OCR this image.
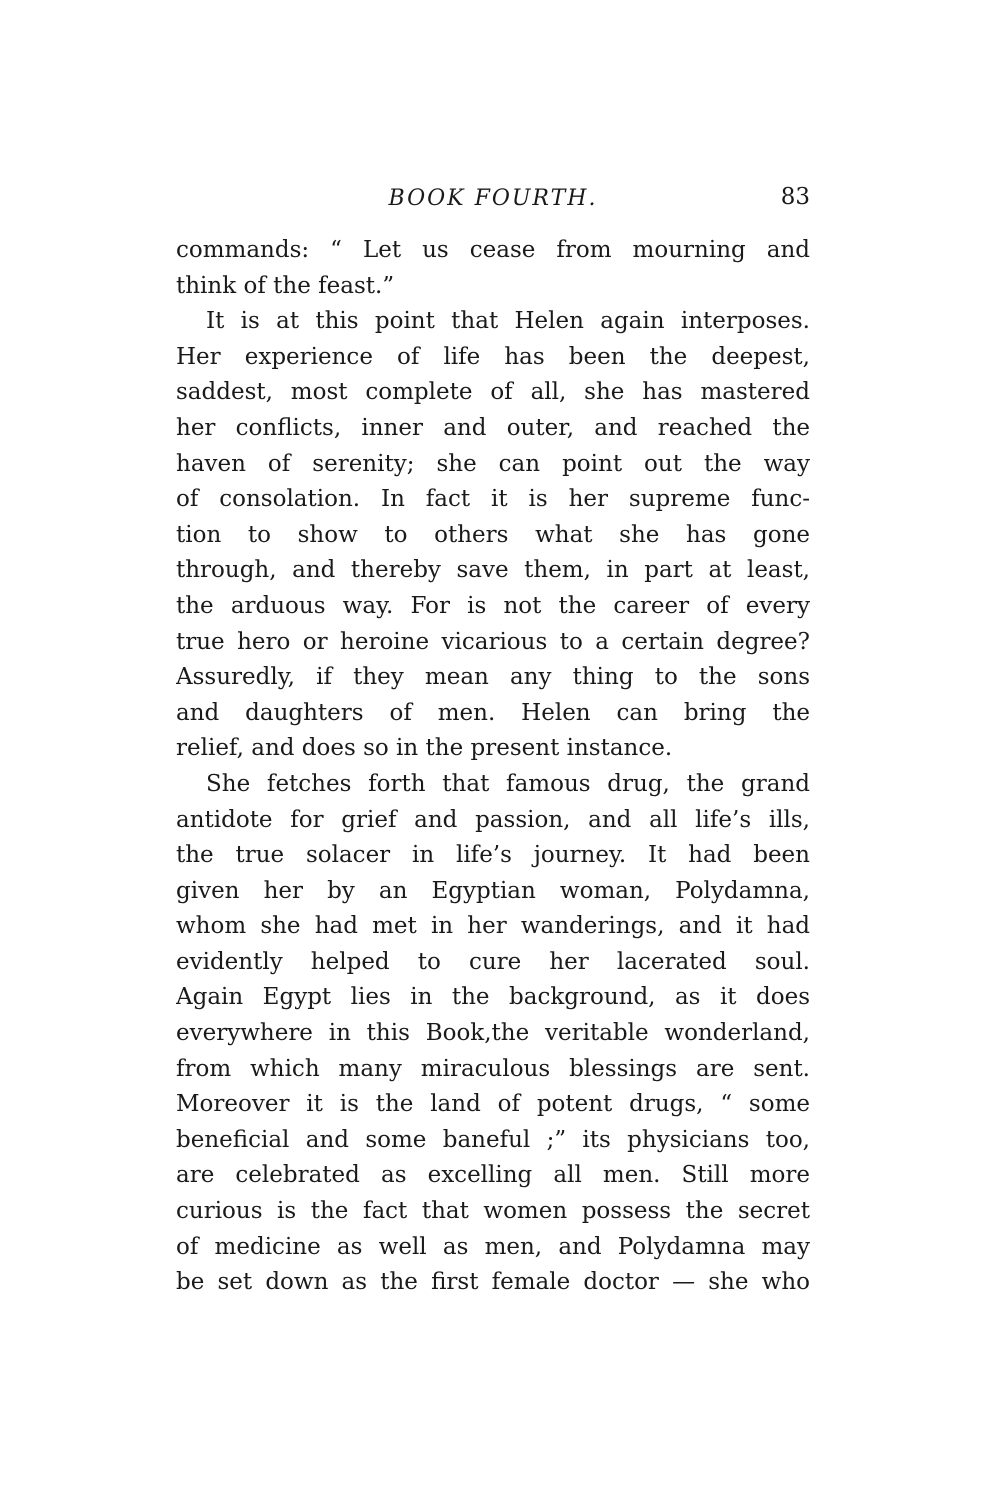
BOOK FOURTH.	83
commands: “ Let us cease from mourning and
think of the feast.”
It is at this point that Helen again interposes.
Her experience of life has been the deepest,
saddest, most complete of all, she has mastered
her conflicts, inner and outer, and reached the
haven of serenity; she can point out the way
of consolation. In fact it is her supreme func-
tion to show to others what she has gone
through, and thereby save them, in part at least,
the arduous way. For is not the career of every
true hero or heroine vicarious to a certain degree?
Assuredly, if they mean any thing to the sons
and daughters of men. Helen can bring the
relief, and does so in the present instance.
She fetches forth that famous drug, the grand
antidote for grief and passion, and all life’s ills,
the true solacer in life’s journey. It had been
given her by an Egyptian woman, Polydamna,
whom she had met in her wanderings, and it had
evidently helped to cure her lacerated soul.
Again Egypt lies in the background, as it does
everywhere in this Book,the veritable wonderland,
from which many miraculous blessings are sent.
Moreover it is the land of potent drugs, “ some
beneficial and some baneful ;” its physicians too,
are celebrated as excelling all men. Still more
curious is the fact that women possess the secret
of medicine as well as men, and Polydamna may
be set down as the first female doctor — she who
